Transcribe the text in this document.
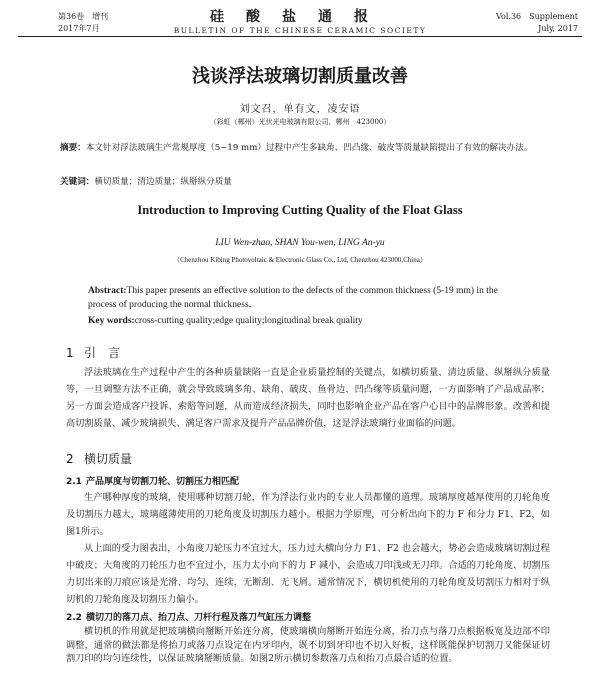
第36卷　增刊
2017年7月
硅酸盐通报
BULLETIN OF THE CHINESE CERAMIC SOCIETY
Vol.36　Supplement
July, 2017
浅谈浮法玻璃切割质量改善
刘文召，单有文，凌安语
（彩虹（郴州）光伏光电玻璃有限公司，郴州　423000）
摘要：本文针对浮法玻璃生产常规厚度（5~19 mm）过程中产生多缺角、凹凸缘、破皮等质量缺陷提出了有效的解决办法。
关键词：横切质量；清边质量；纵掰纵分质量
Introduction to Improving Cutting Quality of the Float Glass
LIU Wen-zhao, SHAN You-wen, LING An-yu
（Chenzhou Kibing Photovoltaic & Electronic Glass Co., Ltd, Chenzhou 423000,China）
Abstract:This paper presents an effective solution to the defects of the common thickness (5-19 mm) in the process of producing the normal thickness.
Key words:cross-cutting quality;edge quality;longitudinal break quality
1 引　言
浮法玻璃在生产过程中产生的各种质量缺陷一直是企业质量控制的关键点，如横切质量、清边质量、纵掰纵分质量等，一旦调整方法不正确，就会导致玻璃多角、缺角、破皮、鱼骨边、凹凸缘等质量问题，一方面影响了产品成品率；另一方面会造成客户投诉、索赔等问题，从而造成经济损失，同时也影响企业产品在客户心目中的品牌形象。改善和提高切割质量、减少玻璃损失、满足客户需求及提升产品品牌价值，这是浮法玻璃行业面临的问题。
2 横切质量
2.1 产品厚度与切割刀轮、切割压力相匹配
生产哪种厚度的玻璃，使用哪种切割刀轮，作为浮法行业内的专业人员都懂的道理。玻璃厚度越厚使用的刀轮角度及切割压力越大，玻璃越薄使用的刀轮角度及切割压力越小。根据力学原理，可分析出向下的力 F 和分力 F1、F2，如图1所示。
从上面的受力图表出，小角度刀轮压力不宜过大，压力过大横向分力 F1、F2 也会越大，势必会造成玻璃切割过程中破皮；大角度的刀轮压力也不宜过小，压力太小向下的力 F 减小，会造成刀印浅或无刀印。合适的刀轮角度、切割压力切出来的刀痕应该是光滑、均匀、连续，无断刮、无飞屑。通常情况下，横切机使用的刀轮角度及切割压力相对于纵切机的刀轮角度及切割压力偏小。
2.2 横切刀的落刀点、抬刀点、刀杆行程及落刀气缸压力调整
横切机的作用就是把玻璃横向掰断开始连分离，使玻璃横向掰断开始连分离，抬刀点与落刀点根据板宽及边部不印调整，通常的做法都是将抬刀或落刀点设定在内牙印内，既不切到牙印也不切入好板，这样既能保护切割刀又能保证切割刀印的均匀连续性，以保证玻璃掰断质量。如图2所示横切参数落刀点和抬刀点最合适的位置。
